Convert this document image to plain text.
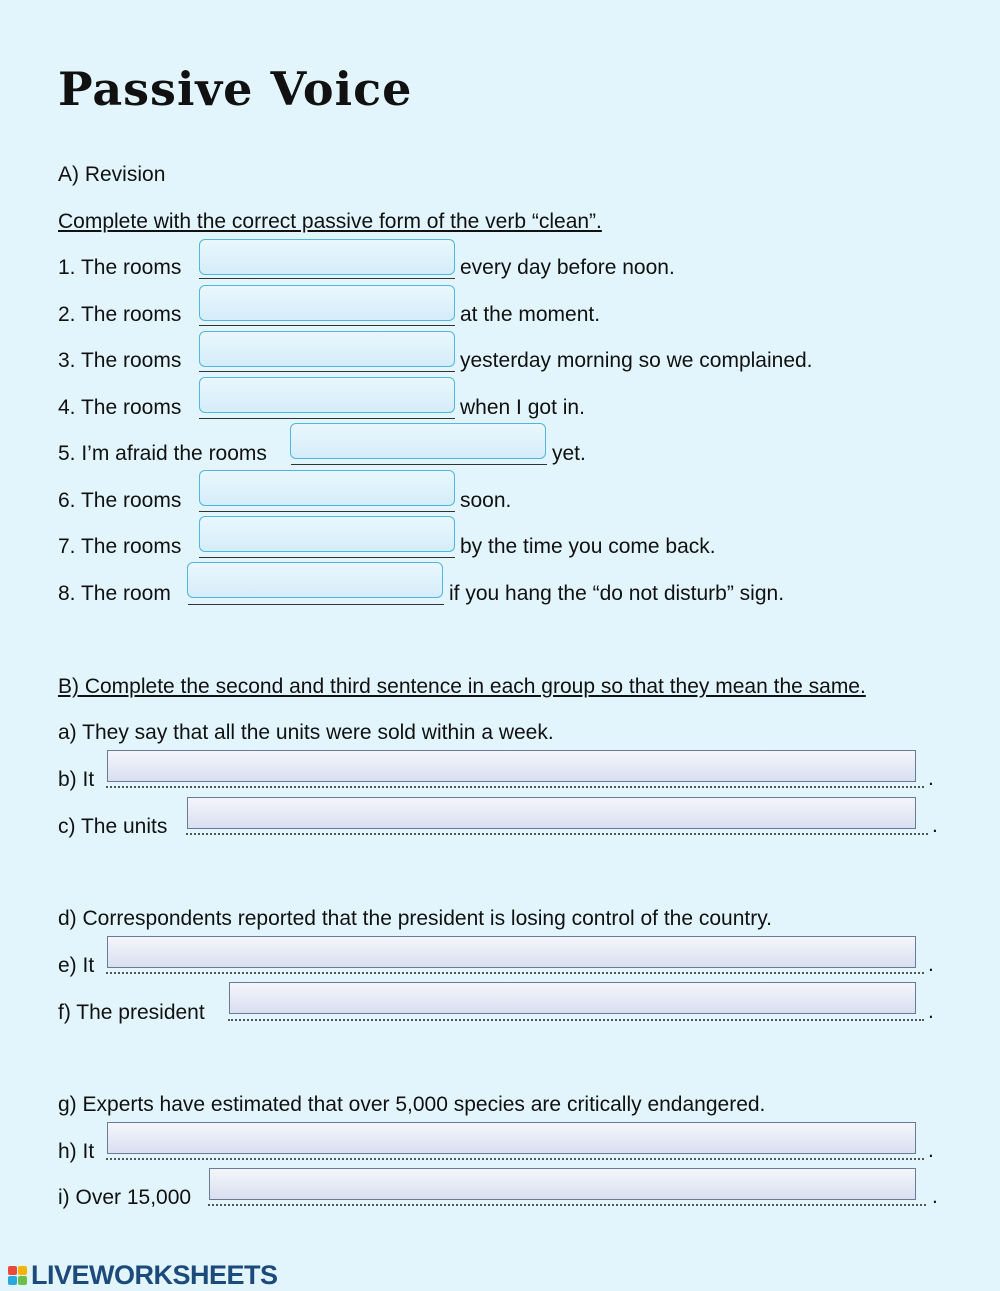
Passive Voice
A) Revision
Complete with the correct passive form of the verb “clean”.
1. The rooms	every day before noon.
2. The rooms	at the moment.
3. The rooms	yesterday morning so we complained.
4. The rooms	when I got in.
5. I’m afraid the rooms	yet.
6. The rooms	soon.
7. The rooms	by the time you come back.
8. The room	if you hang the “do not disturb” sign.
B) Complete the second and third sentence in each group so that they mean the same.
a) They say that all the units were sold within a week.
b) It	.
c) The units	.
d) Correspondents reported that the president is losing control of the country.
e) It	.
f) The president	.
g) Experts have estimated that over 5,000 species are critically endangered.
h) It	.
i) Over 15,000	.
LIVEWORKSHEETS
